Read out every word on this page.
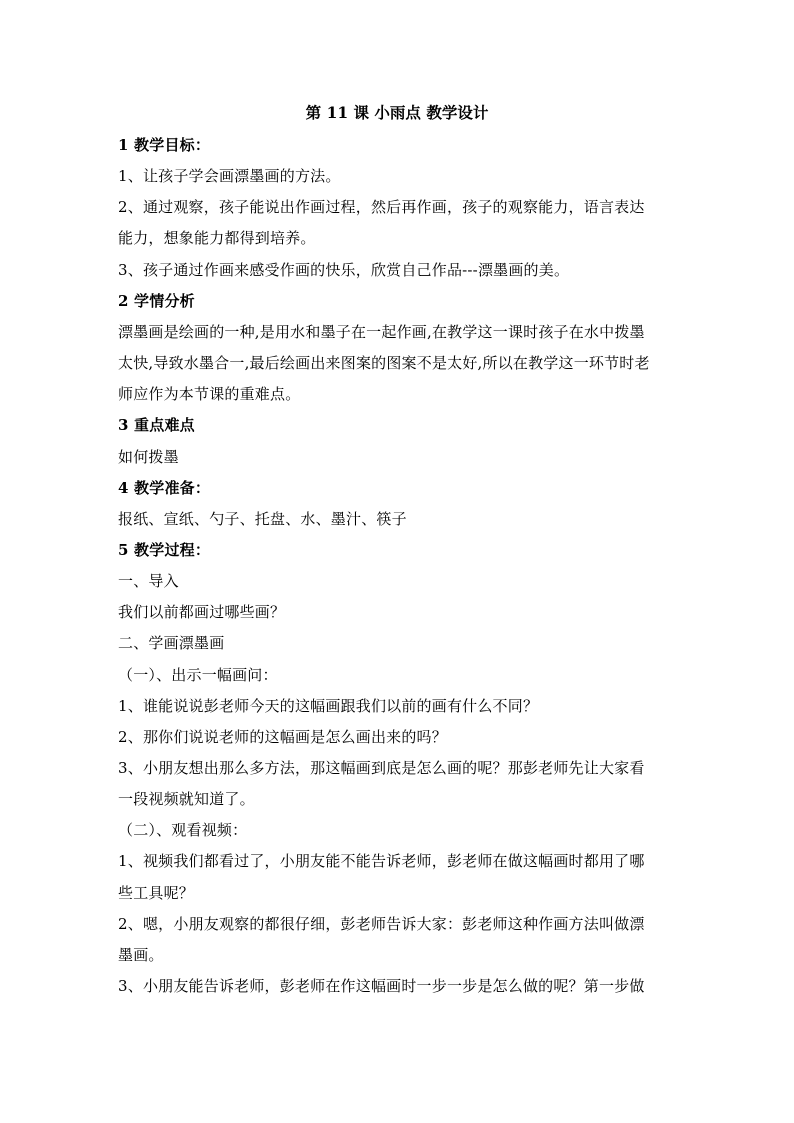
第 11 课 小雨点 教学设计
1 教学目标：
1、让孩子学会画漂墨画的方法。
2、通过观察，孩子能说出作画过程，然后再作画，孩子的观察能力，语言表达
能力，想象能力都得到培养。
3、孩子通过作画来感受作画的快乐，欣赏自己作品---漂墨画的美。
2 学情分析
漂墨画是绘画的一种,是用水和墨子在一起作画,在教学这一课时孩子在水中拨墨
太快,导致水墨合一,最后绘画出来图案的图案不是太好,所以在教学这一环节时老
师应作为本节课的重难点。
3 重点难点
如何拨墨
4 教学准备：
报纸、宣纸、勺子、托盘、水、墨汁、筷子
5 教学过程：
一、导入
我们以前都画过哪些画？
二、学画漂墨画
（一）、出示一幅画问：
1、谁能说说彭老师今天的这幅画跟我们以前的画有什么不同？
2、那你们说说老师的这幅画是怎么画出来的吗？
3、小朋友想出那么多方法，那这幅画到底是怎么画的呢？那彭老师先让大家看
一段视频就知道了。
（二）、观看视频：
1、视频我们都看过了，小朋友能不能告诉老师，彭老师在做这幅画时都用了哪
些工具呢？
2、嗯，小朋友观察的都很仔细，彭老师告诉大家：彭老师这种作画方法叫做漂
墨画。
3、小朋友能告诉老师，彭老师在作这幅画时一步一步是怎么做的呢？第一步做
